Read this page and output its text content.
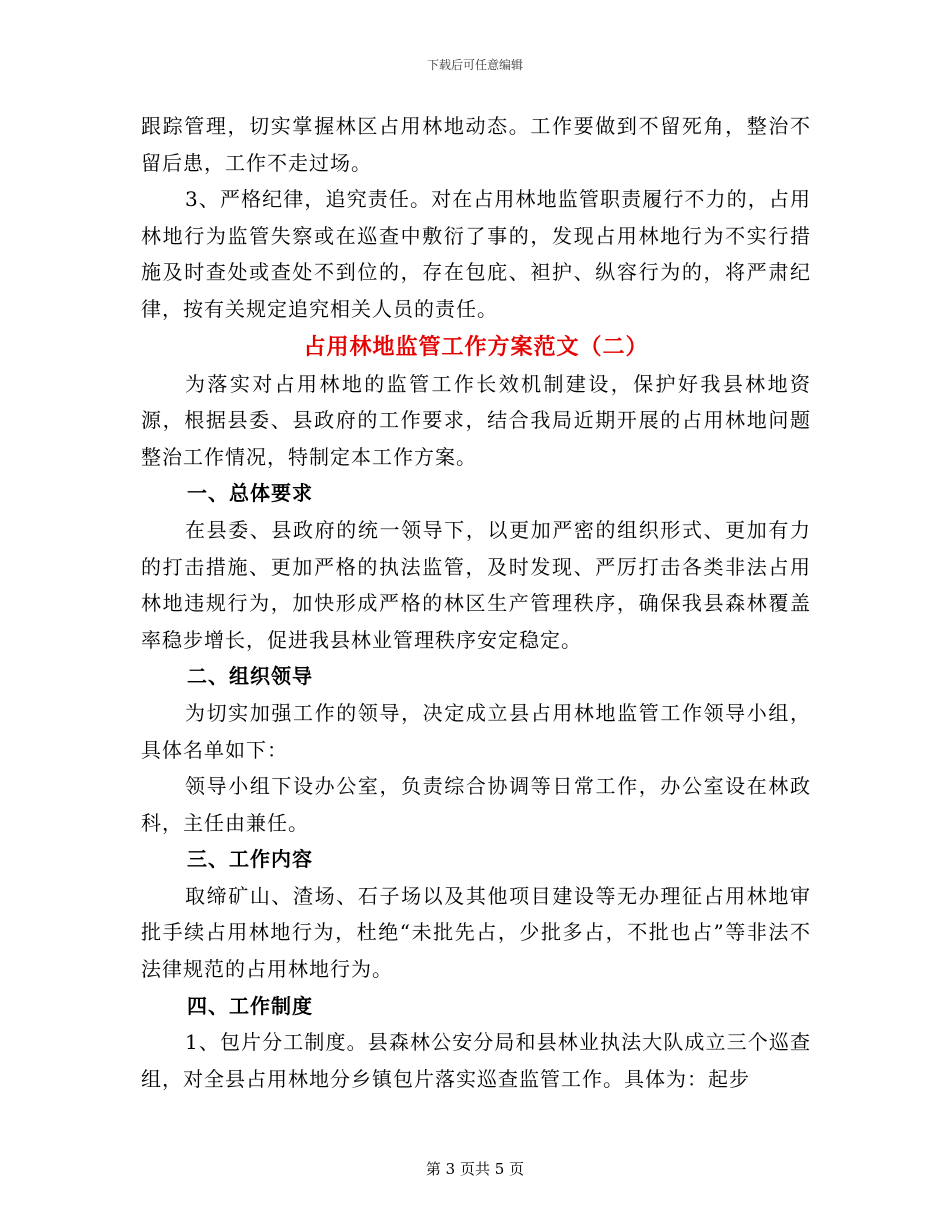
下载后可任意编辑

跟踪管理，切实掌握林区占用林地动态。工作要做到不留死角，整治不留后患，工作不走过场。

3、严格纪律，追究责任。对在占用林地监管职责履行不力的，占用林地行为监管失察或在巡查中敷衍了事的，发现占用林地行为不实行措施及时查处或查处不到位的，存在包庇、袒护、纵容行为的，将严肃纪律，按有关规定追究相关人员的责任。

占用林地监管工作方案范文（二）

为落实对占用林地的监管工作长效机制建设，保护好我县林地资源，根据县委、县政府的工作要求，结合我局近期开展的占用林地问题整治工作情况，特制定本工作方案。

一、总体要求

在县委、县政府的统一领导下，以更加严密的组织形式、更加有力的打击措施、更加严格的执法监管，及时发现、严厉打击各类非法占用林地违规行为，加快形成严格的林区生产管理秩序，确保我县森林覆盖率稳步增长，促进我县林业管理秩序安定稳定。

二、组织领导

为切实加强工作的领导，决定成立县占用林地监管工作领导小组，具体名单如下：

领导小组下设办公室，负责综合协调等日常工作，办公室设在林政科，主任由兼任。

三、工作内容

取缔矿山、渣场、石子场以及其他项目建设等无办理征占用林地审批手续占用林地行为，杜绝“未批先占，少批多占，不批也占”等非法不法律规范的占用林地行为。

四、工作制度

1、包片分工制度。县森林公安分局和县林业执法大队成立三个巡查组，对全县占用林地分乡镇包片落实巡查监管工作。具体为：起步

第 3 页共 5 页
